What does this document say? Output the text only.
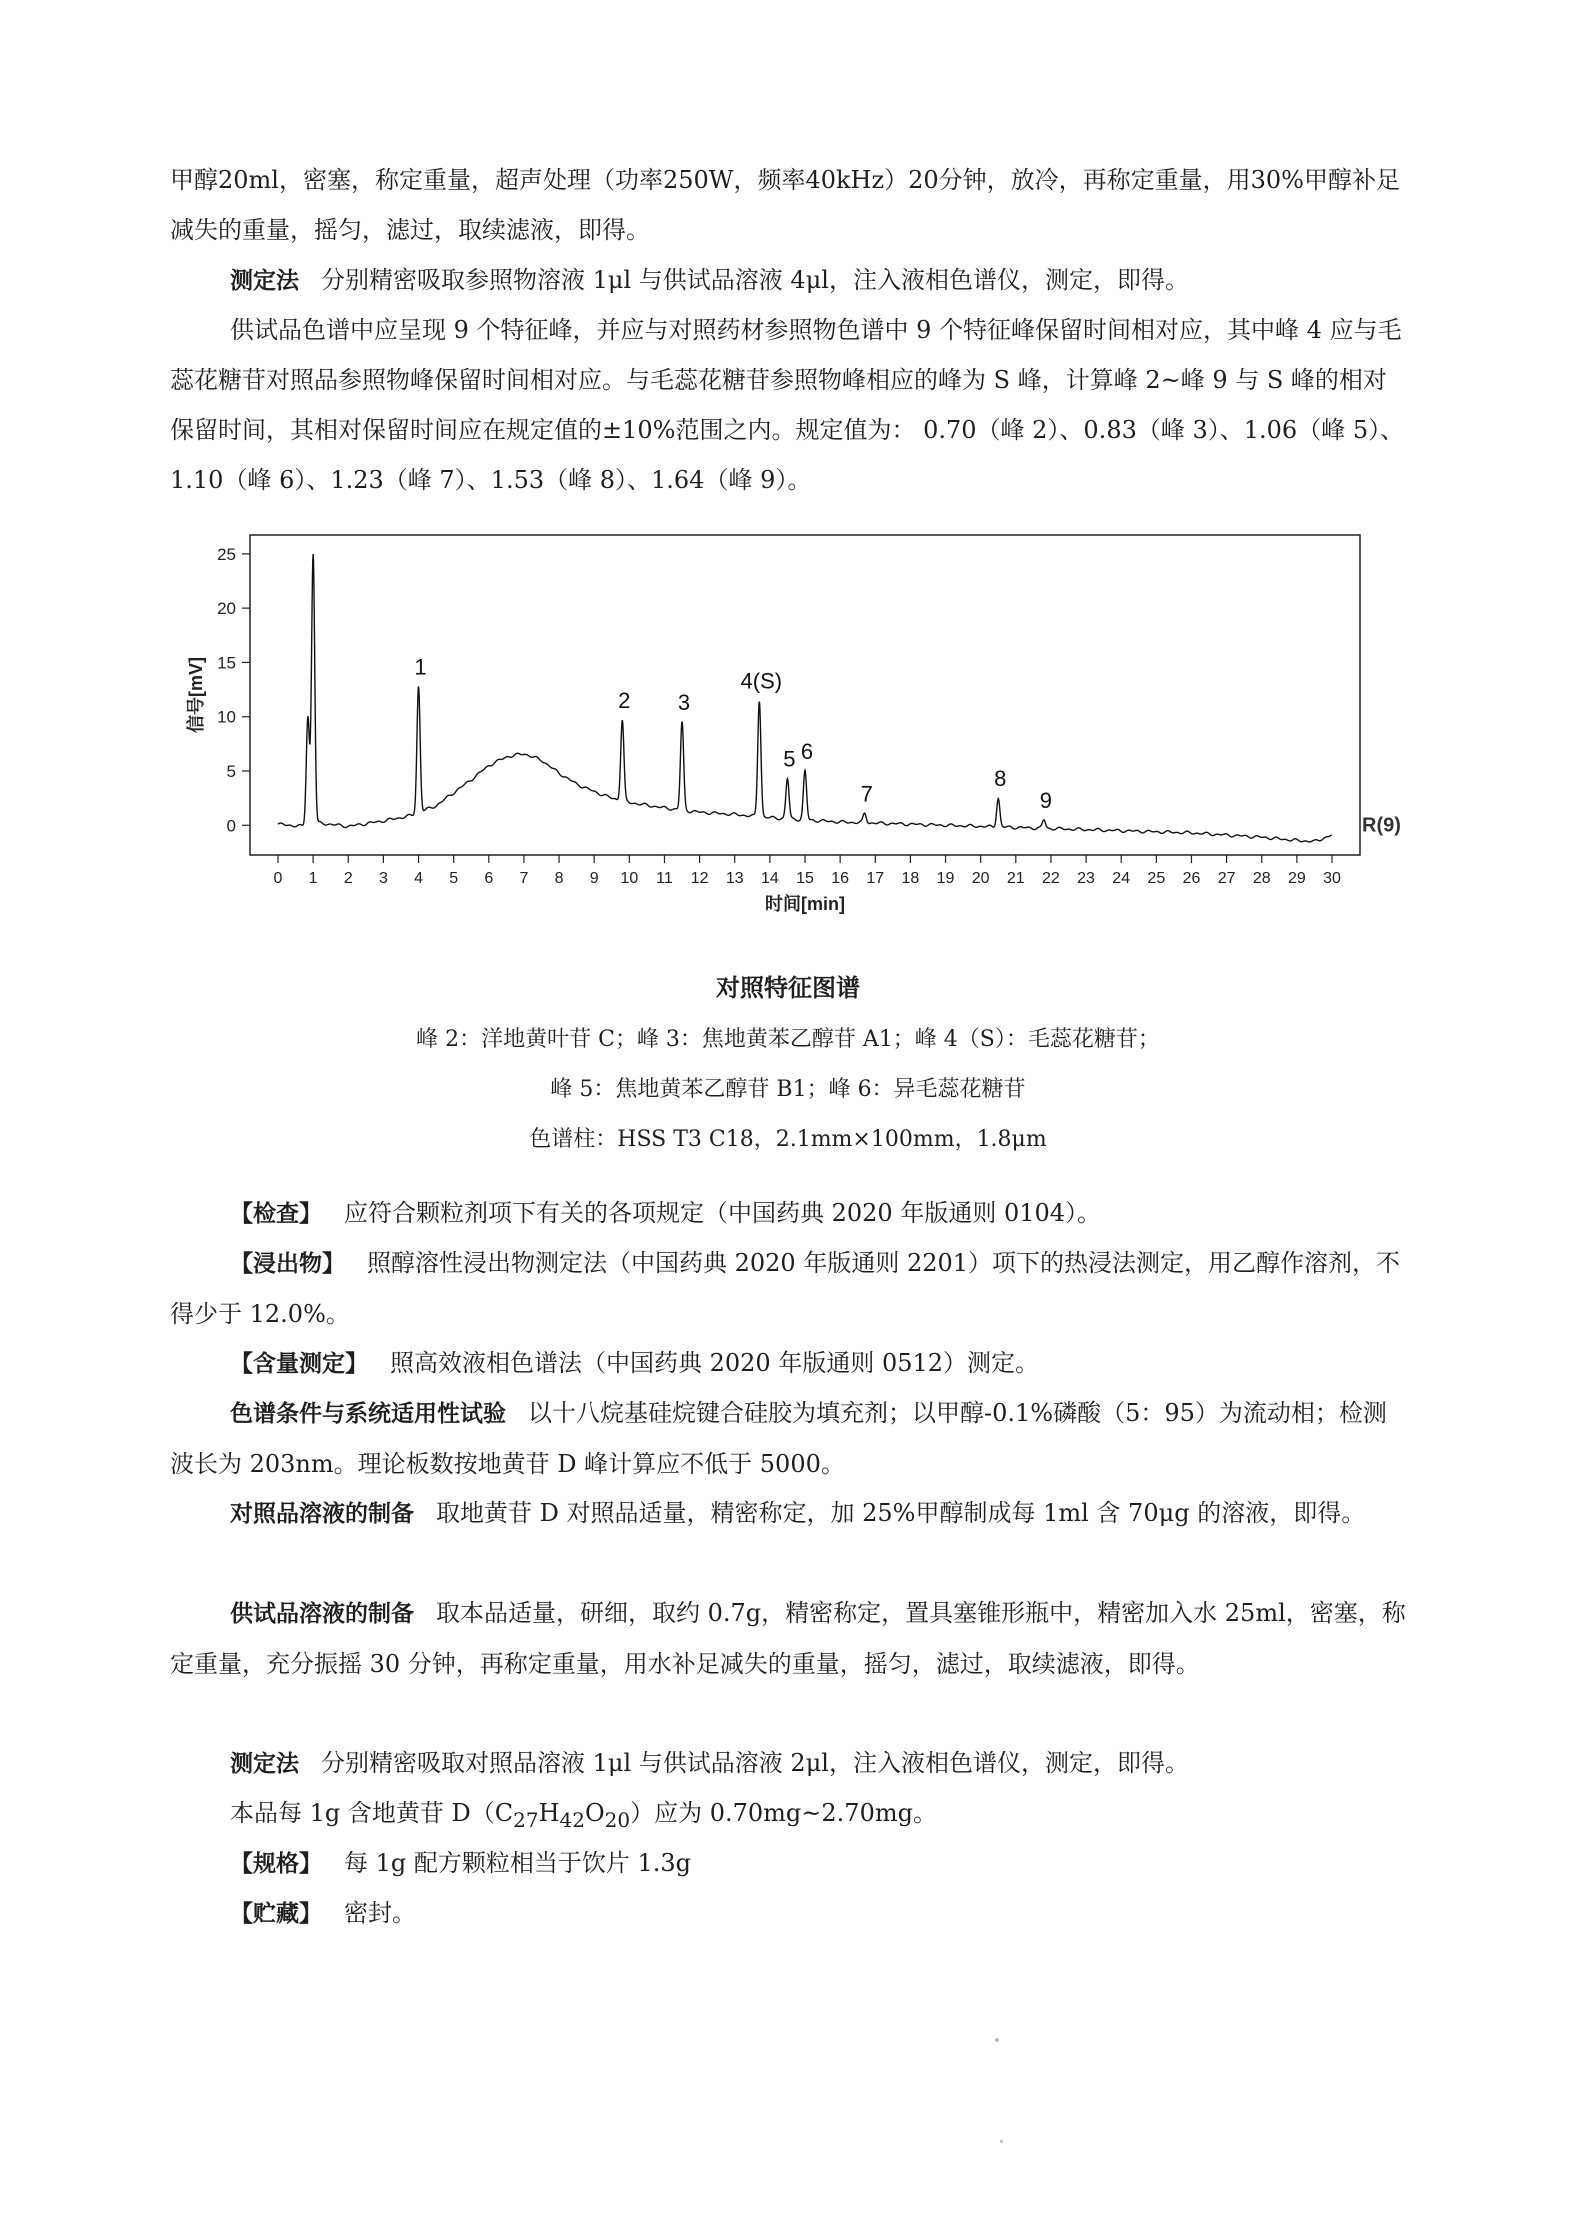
甲醇20ml，密塞，称定重量，超声处理（功率250W，频率40kHz）20分钟，放冷，再称定重量，用30%甲醇补足减失的重量，摇匀，滤过，取续滤液，即得。

测定法 分别精密吸取参照物溶液 1μl 与供试品溶液 4μl，注入液相色谱仪，测定，即得。

供试品色谱中应呈现 9 个特征峰，并应与对照药材参照物色谱中 9 个特征峰保留时间相对应，其中峰 4 应与毛蕊花糖苷对照品参照物峰保留时间相对应。与毛蕊花糖苷参照物峰相应的峰为 S 峰，计算峰 2~峰 9 与 S 峰的相对保留时间，其相对保留时间应在规定值的±10%范围之内。规定值为： 0.70（峰 2）、0.83（峰 3）、1.06（峰 5）、1.10（峰 6）、1.23（峰 7）、1.53（峰 8）、1.64（峰 9）。

0 1 2 3 4 5 6 7 8 9 10 11 12 13 14 15 16 17 18 19 20 21 22 23 24 25 26 27 28 29 30
0
5
10
15
20
25
时间[min]
信号[mV]	1
2 3
4(S)
5 6
7
8
9
R(9)

对照特征图谱

峰 2：洋地黄叶苷 C；峰 3：焦地黄苯乙醇苷 A1；峰 4（S）：毛蕊花糖苷；

峰 5：焦地黄苯乙醇苷 B1；峰 6：异毛蕊花糖苷

色谱柱：HSS T3 C18，2.1mm×100mm，1.8μm

【检查】 应符合颗粒剂项下有关的各项规定（中国药典 2020 年版通则 0104）。

【浸出物】 照醇溶性浸出物测定法（中国药典 2020 年版通则 2201）项下的热浸法测定，用乙醇作溶剂，不得少于 12.0%。

【含量测定】 照高效液相色谱法（中国药典 2020 年版通则 0512）测定。

色谱条件与系统适用性试验 以十八烷基硅烷键合硅胶为填充剂；以甲醇-0.1%磷酸（5：95）为流动相；检测波长为 203nm。理论板数按地黄苷 D 峰计算应不低于 5000。

对照品溶液的制备 取地黄苷 D 对照品适量，精密称定，加 25%甲醇制成每 1ml 含 70μg 的溶液，即得。

供试品溶液的制备 取本品适量，研细，取约 0.7g，精密称定，置具塞锥形瓶中，精密加入水 25ml，密塞，称定重量，充分振摇 30 分钟，再称定重量，用水补足减失的重量，摇匀，滤过，取续滤液，即得。

测定法 分别精密吸取对照品溶液 1μl 与供试品溶液 2μl，注入液相色谱仪，测定，即得。

本品每 1g 含地黄苷 $D(C_{27}H_{42}O_{20})$应为 0.70mg~2.70mg。

【规格】 每 1g 配方颗粒相当于饮片 1.3g

【贮藏】 密封。
